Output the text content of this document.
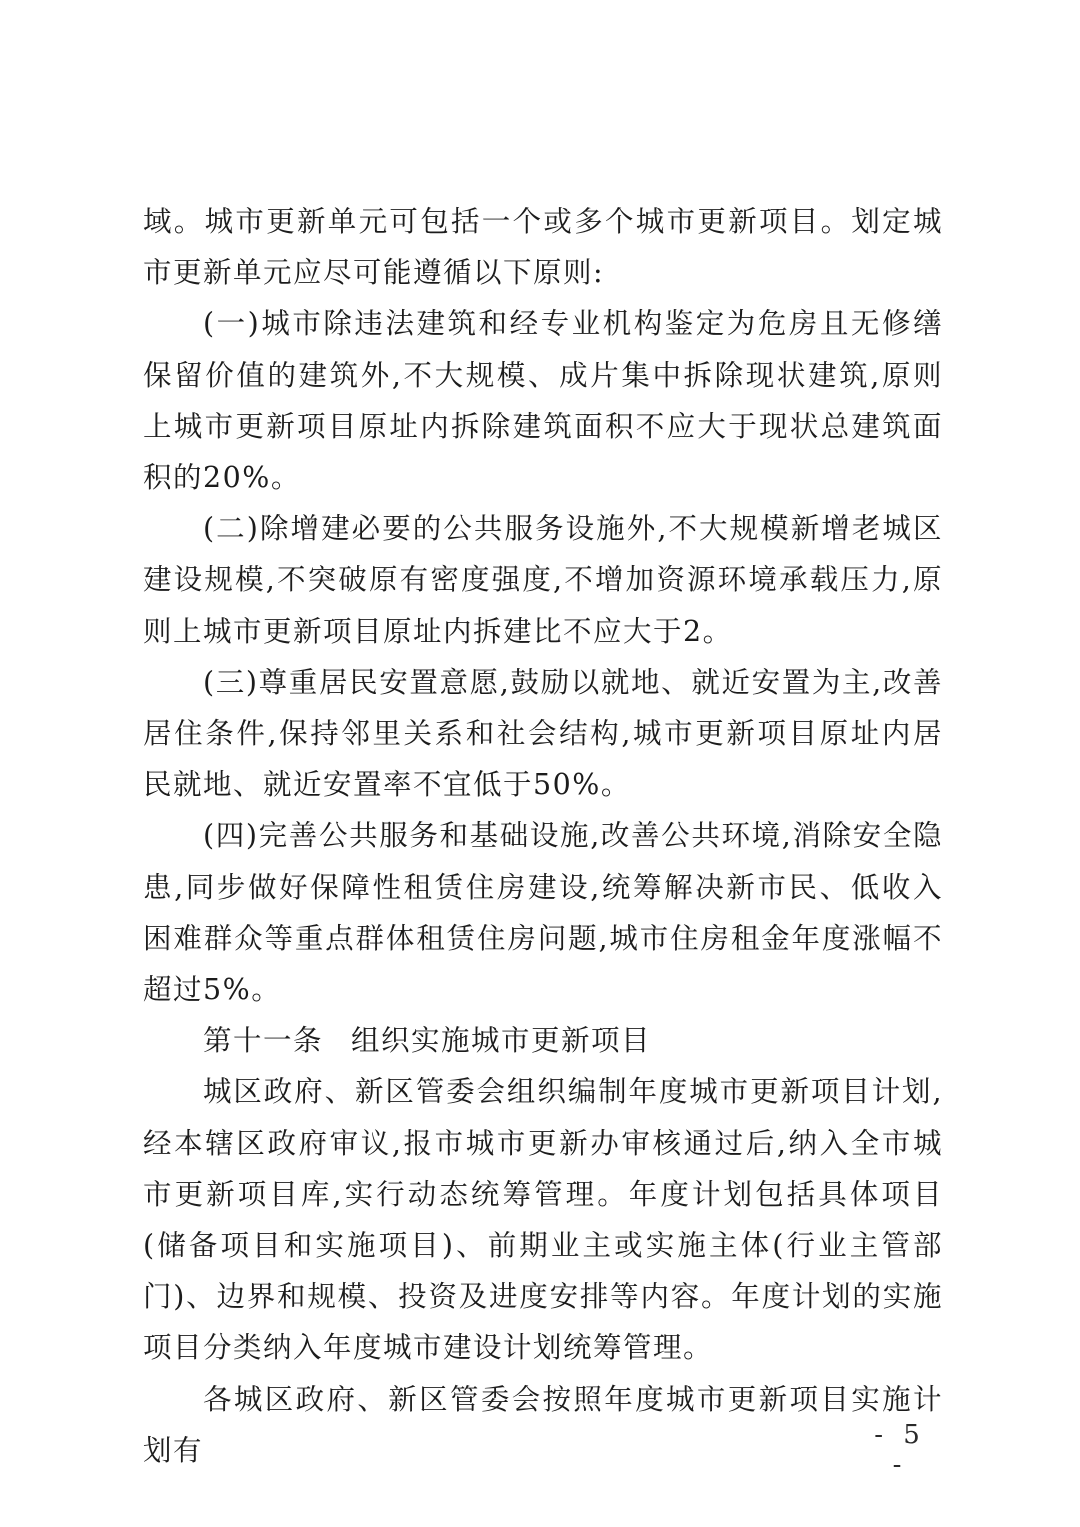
域。城市更新单元可包括一个或多个城市更新项目。划定城市更新单元应尽可能遵循以下原则:

(一)城市除违法建筑和经专业机构鉴定为危房且无修缮保留价值的建筑外,不大规模、成片集中拆除现状建筑,原则上城市更新项目原址内拆除建筑面积不应大于现状总建筑面积的20%。

(二)除增建必要的公共服务设施外,不大规模新增老城区建设规模,不突破原有密度强度,不增加资源环境承载压力,原则上城市更新项目原址内拆建比不应大于2。

(三)尊重居民安置意愿,鼓励以就地、就近安置为主,改善居住条件,保持邻里关系和社会结构,城市更新项目原址内居民就地、就近安置率不宜低于50%。

(四)完善公共服务和基础设施,改善公共环境,消除安全隐患,同步做好保障性租赁住房建设,统筹解决新市民、低收入困难群众等重点群体租赁住房问题,城市住房租金年度涨幅不超过5%。

第十一条 组织实施城市更新项目

城区政府、新区管委会组织编制年度城市更新项目计划,经本辖区政府审议,报市城市更新办审核通过后,纳入全市城市更新项目库,实行动态统筹管理。年度计划包括具体项目(储备项目和实施项目)、前期业主或实施主体(行业主管部门)、边界和规模、投资及进度安排等内容。年度计划的实施项目分类纳入年度城市建设计划统筹管理。

各城区政府、新区管委会按照年度城市更新项目实施计划有	- 5 -
